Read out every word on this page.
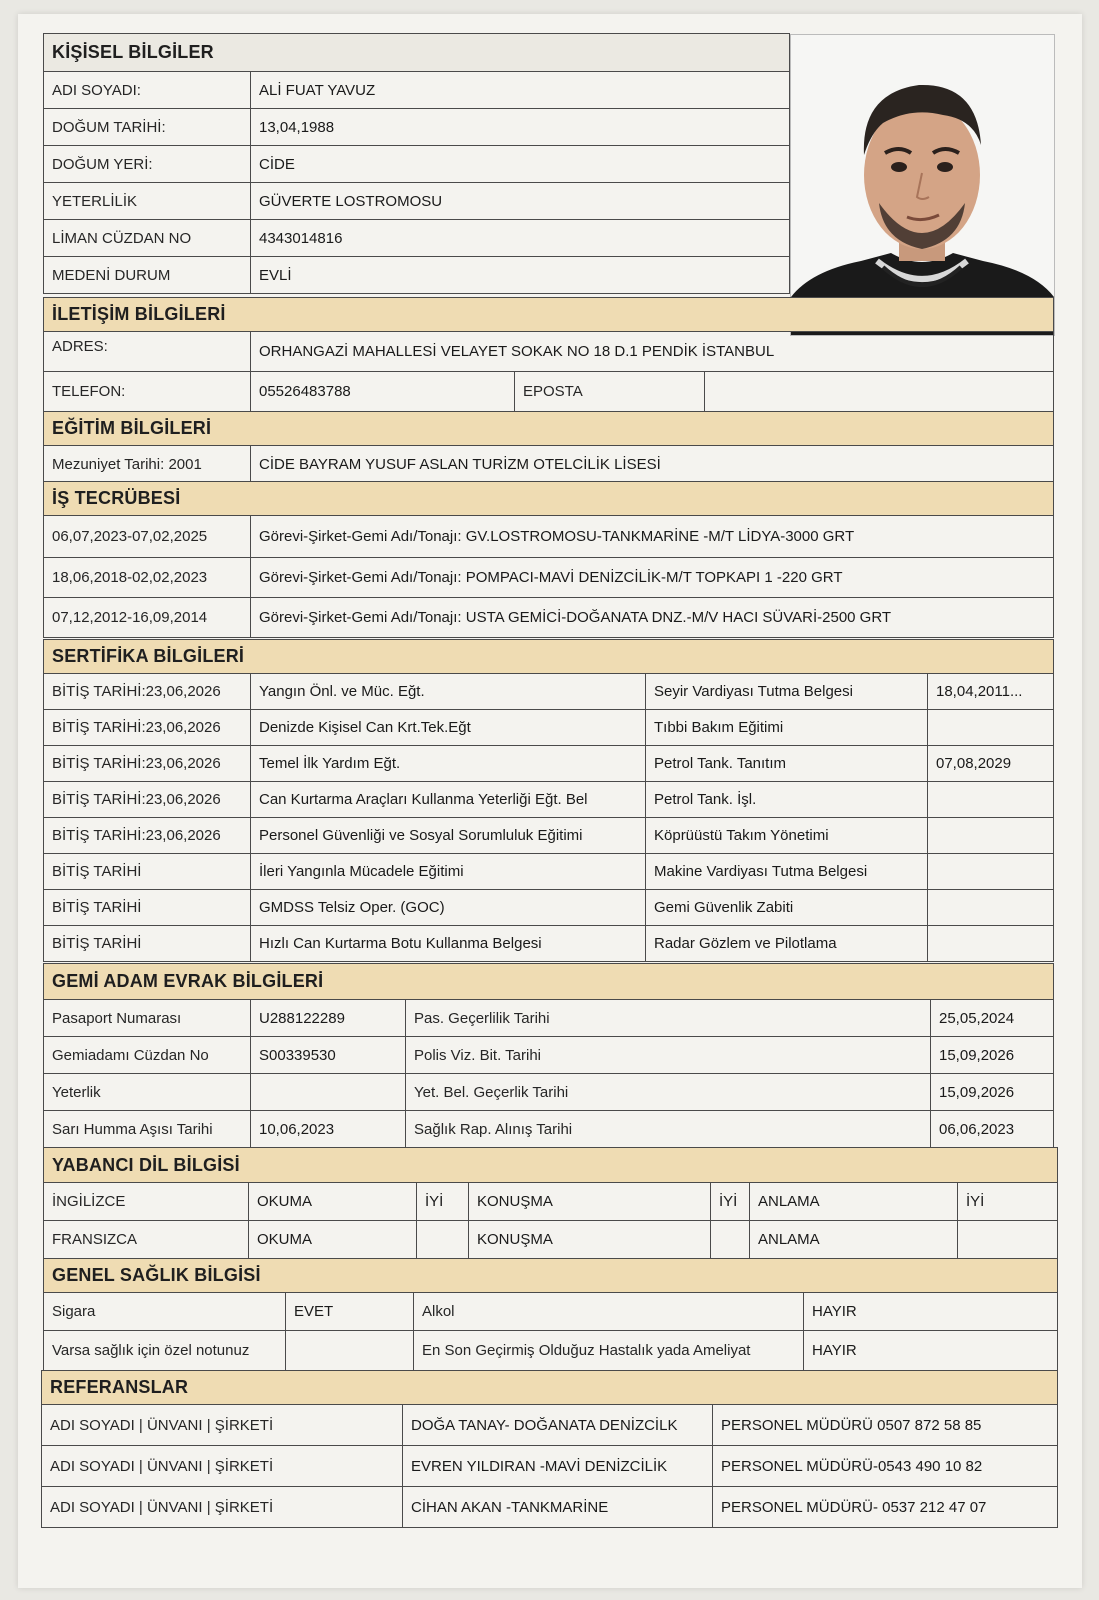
KİŞİSEL BİLGİLER	
ADI SOYADI:	ALİ FUAT YAVUZ
DOĞUM TARİHİ:	13,04,1988
DOĞUM YERİ:	CİDE
YETERLİLİK	GÜVERTE LOSTROMOSU
LİMAN CÜZDAN NO	4343014816
MEDENİ DURUM	EVLİ
İLETİŞİM BİLGİLERİ			
ADRES:	ORHANGAZİ MAHALLESİ VELAYET SOKAK NO 18 D.1 PENDİK İSTANBUL		
TELEFON:	05526483788	EPOSTA	
EĞİTİM BİLGİLERİ
Mezuniyet Tarihi: 2001	CİDE BAYRAM YUSUF ASLAN TURİZM OTELCİLİK LİSESİ
İŞ TECRÜBESİ	
06,07,2023-07,02,2025	Görevi-Şirket-Gemi Adı/Tonajı: GV.LOSTROMOSU-TANKMARİNE -M/T LİDYA-3000 GRT
18,06,2018-02,02,2023	Görevi-Şirket-Gemi Adı/Tonajı: POMPACI-MAVİ DENİZCİLİK-M/T TOPKAPI 1 -220 GRT
07,12,2012-16,09,2014	Görevi-Şirket-Gemi Adı/Tonajı: USTA GEMİCİ-DOĞANATA DNZ.-M/V HACI SÜVARİ-2500 GRT
SERTİFİKA BİLGİLERİ			
BİTİŞ TARİHİ:23,06,2026	Yangın Önl. ve Müc. Eğt.	Seyir Vardiyası Tutma Belgesi	18,04,2011...
BİTİŞ TARİHİ:23,06,2026	Denizde Kişisel Can Krt.Tek.Eğt	Tıbbi Bakım Eğitimi	
BİTİŞ TARİHİ:23,06,2026	Temel İlk Yardım Eğt.	Petrol Tank. Tanıtım	07,08,2029
BİTİŞ TARİHİ:23,06,2026	Can Kurtarma Araçları Kullanma Yeterliği Eğt. Bel	Petrol Tank. İşl.	
BİTİŞ TARİHİ:23,06,2026	Personel Güvenliği ve Sosyal Sorumluluk Eğitimi	Köprüüstü Takım Yönetimi	
BİTİŞ TARİHİ	İleri Yangınla Mücadele Eğitimi	Makine Vardiyası Tutma Belgesi	
BİTİŞ TARİHİ	GMDSS Telsiz Oper. (GOC)	Gemi Güvenlik Zabiti	
BİTİŞ TARİHİ	Hızlı Can Kurtarma Botu Kullanma Belgesi	Radar Gözlem ve Pilotlama	
GEMİ ADAM EVRAK BİLGİLERİ			
Pasaport Numarası	U288122289	Pas. Geçerlilik Tarihi	25,05,2024
Gemiadamı Cüzdan No	S00339530	Polis Viz. Bit. Tarihi	15,09,2026
Yeterlik		Yet. Bel. Geçerlik Tarihi	15,09,2026
Sarı Humma Aşısı Tarihi	10,06,2023	Sağlık Rap. Alınış Tarihi	06,06,2023
YABANCI DİL BİLGİSİ						
İNGİLİZCE	OKUMA	İYİ	KONUŞMA	İYİ	ANLAMA	İYİ
FRANSIZCA	OKUMA		KONUŞMA		ANLAMA	
GENEL SAĞLIK BİLGİSİ			
Sigara	EVET	Alkol	HAYIR
Varsa sağlık için özel notunuz		En Son Geçirmiş Olduğuz Hastalık yada Ameliyat	HAYIR
REFERANSLAR		
ADI SOYADI | ÜNVANI | ŞİRKETİ	DOĞA TANAY- DOĞANATA DENİZCİLK	PERSONEL MÜDÜRÜ 0507 872 58 85
ADI SOYADI | ÜNVANI | ŞİRKETİ	EVREN YILDIRAN -MAVİ DENİZCİLİK	PERSONEL MÜDÜRÜ-0543 490 10 82
ADI SOYADI | ÜNVANI | ŞİRKETİ	CİHAN AKAN -TANKMARİNE	PERSONEL MÜDÜRÜ- 0537 212 47 07
